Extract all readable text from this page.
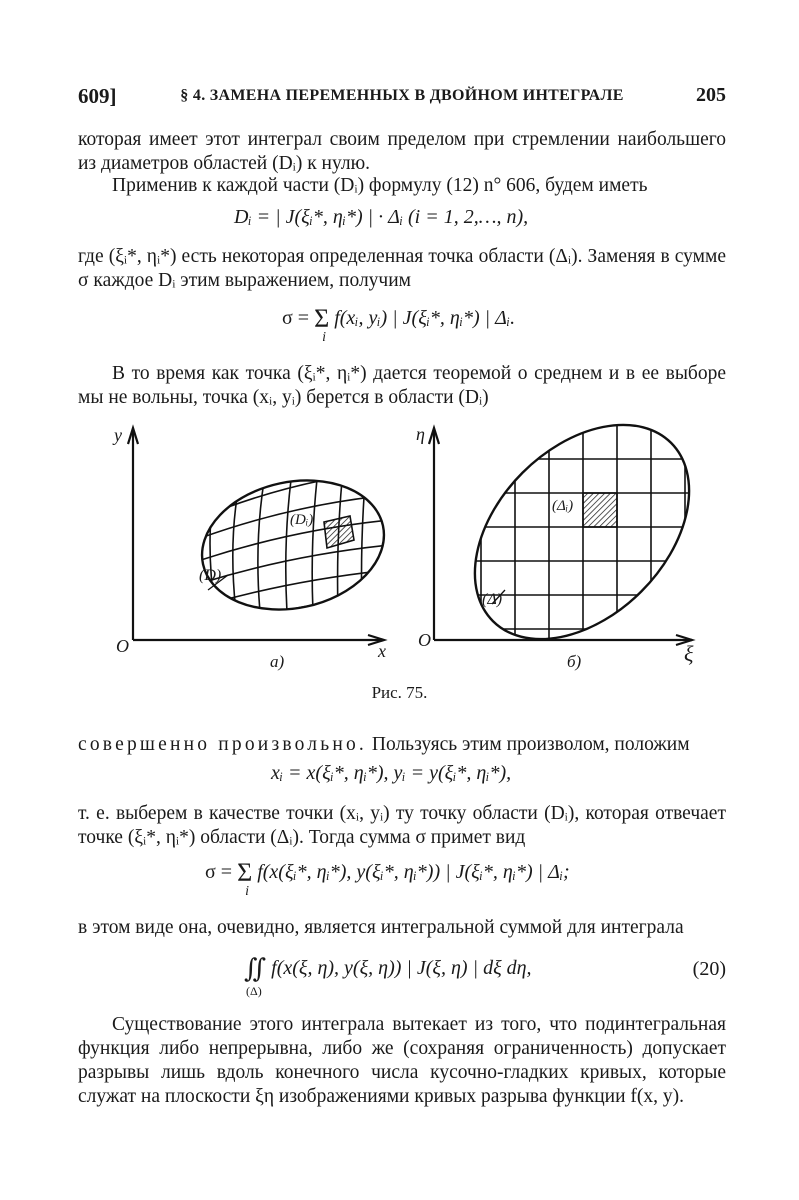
609]	§ 4. ЗАМЕНА ПЕРЕМЕННЫХ В ДВОЙНОМ ИНТЕГРАЛЕ	205

которая имеет этот интеграл своим пределом при стремлении наибольшего из диаметров областей (Dᵢ) к нулю.

Применив к каждой части (Dᵢ) формулу (12) n° 606, будем иметь

Dᵢ = | J(ξᵢ*, ηᵢ*) | · Δᵢ (i = 1, 2,…, n),

где (ξᵢ*, ηᵢ*) есть некоторая определенная точка области (Δᵢ). Заменяя в сумме σ каждое Dᵢ этим выражением, получим

σ = Σ
i
f(xᵢ, yᵢ) | J(ξᵢ*, ηᵢ*) | Δᵢ.

В то время как точка (ξᵢ*, ηᵢ*) дается теоремой о среднем и в ее выборе мы не вольны, точка (xᵢ, yᵢ) берется в области (Dᵢ)

y
x
O
(Dᵢ)
(D)
а)
η
ξ
O
(Δᵢ)
(Δ)
б)
Рис. 75.

совершенно произвольно. Пользуясь этим произволом, положим

xᵢ = x(ξᵢ*, ηᵢ*), yᵢ = y(ξᵢ*, ηᵢ*),

т. е. выберем в качестве точки (xᵢ, yᵢ) ту точку области (Dᵢ), которая отвечает точке (ξᵢ*, ηᵢ*) области (Δᵢ). Тогда сумма σ примет вид

σ = Σ
i
f(x(ξᵢ*, ηᵢ*), y(ξᵢ*, ηᵢ*)) | J(ξᵢ*, ηᵢ*) | Δᵢ;

в этом виде она, очевидно, является интегральной суммой для интеграла

∬
(Δ)
f(x(ξ, η), y(ξ, η)) | J(ξ, η) | dξ dη,	(20)

Существование этого интеграла вытекает из того, что подинтегральная функция либо непрерывна, либо же (сохраняя ограниченность) допускает разрывы лишь вдоль конечного числа кусочно-гладких кривых, которые служат на плоскости ξη изображениями кривых разрыва функции f(x, y).
